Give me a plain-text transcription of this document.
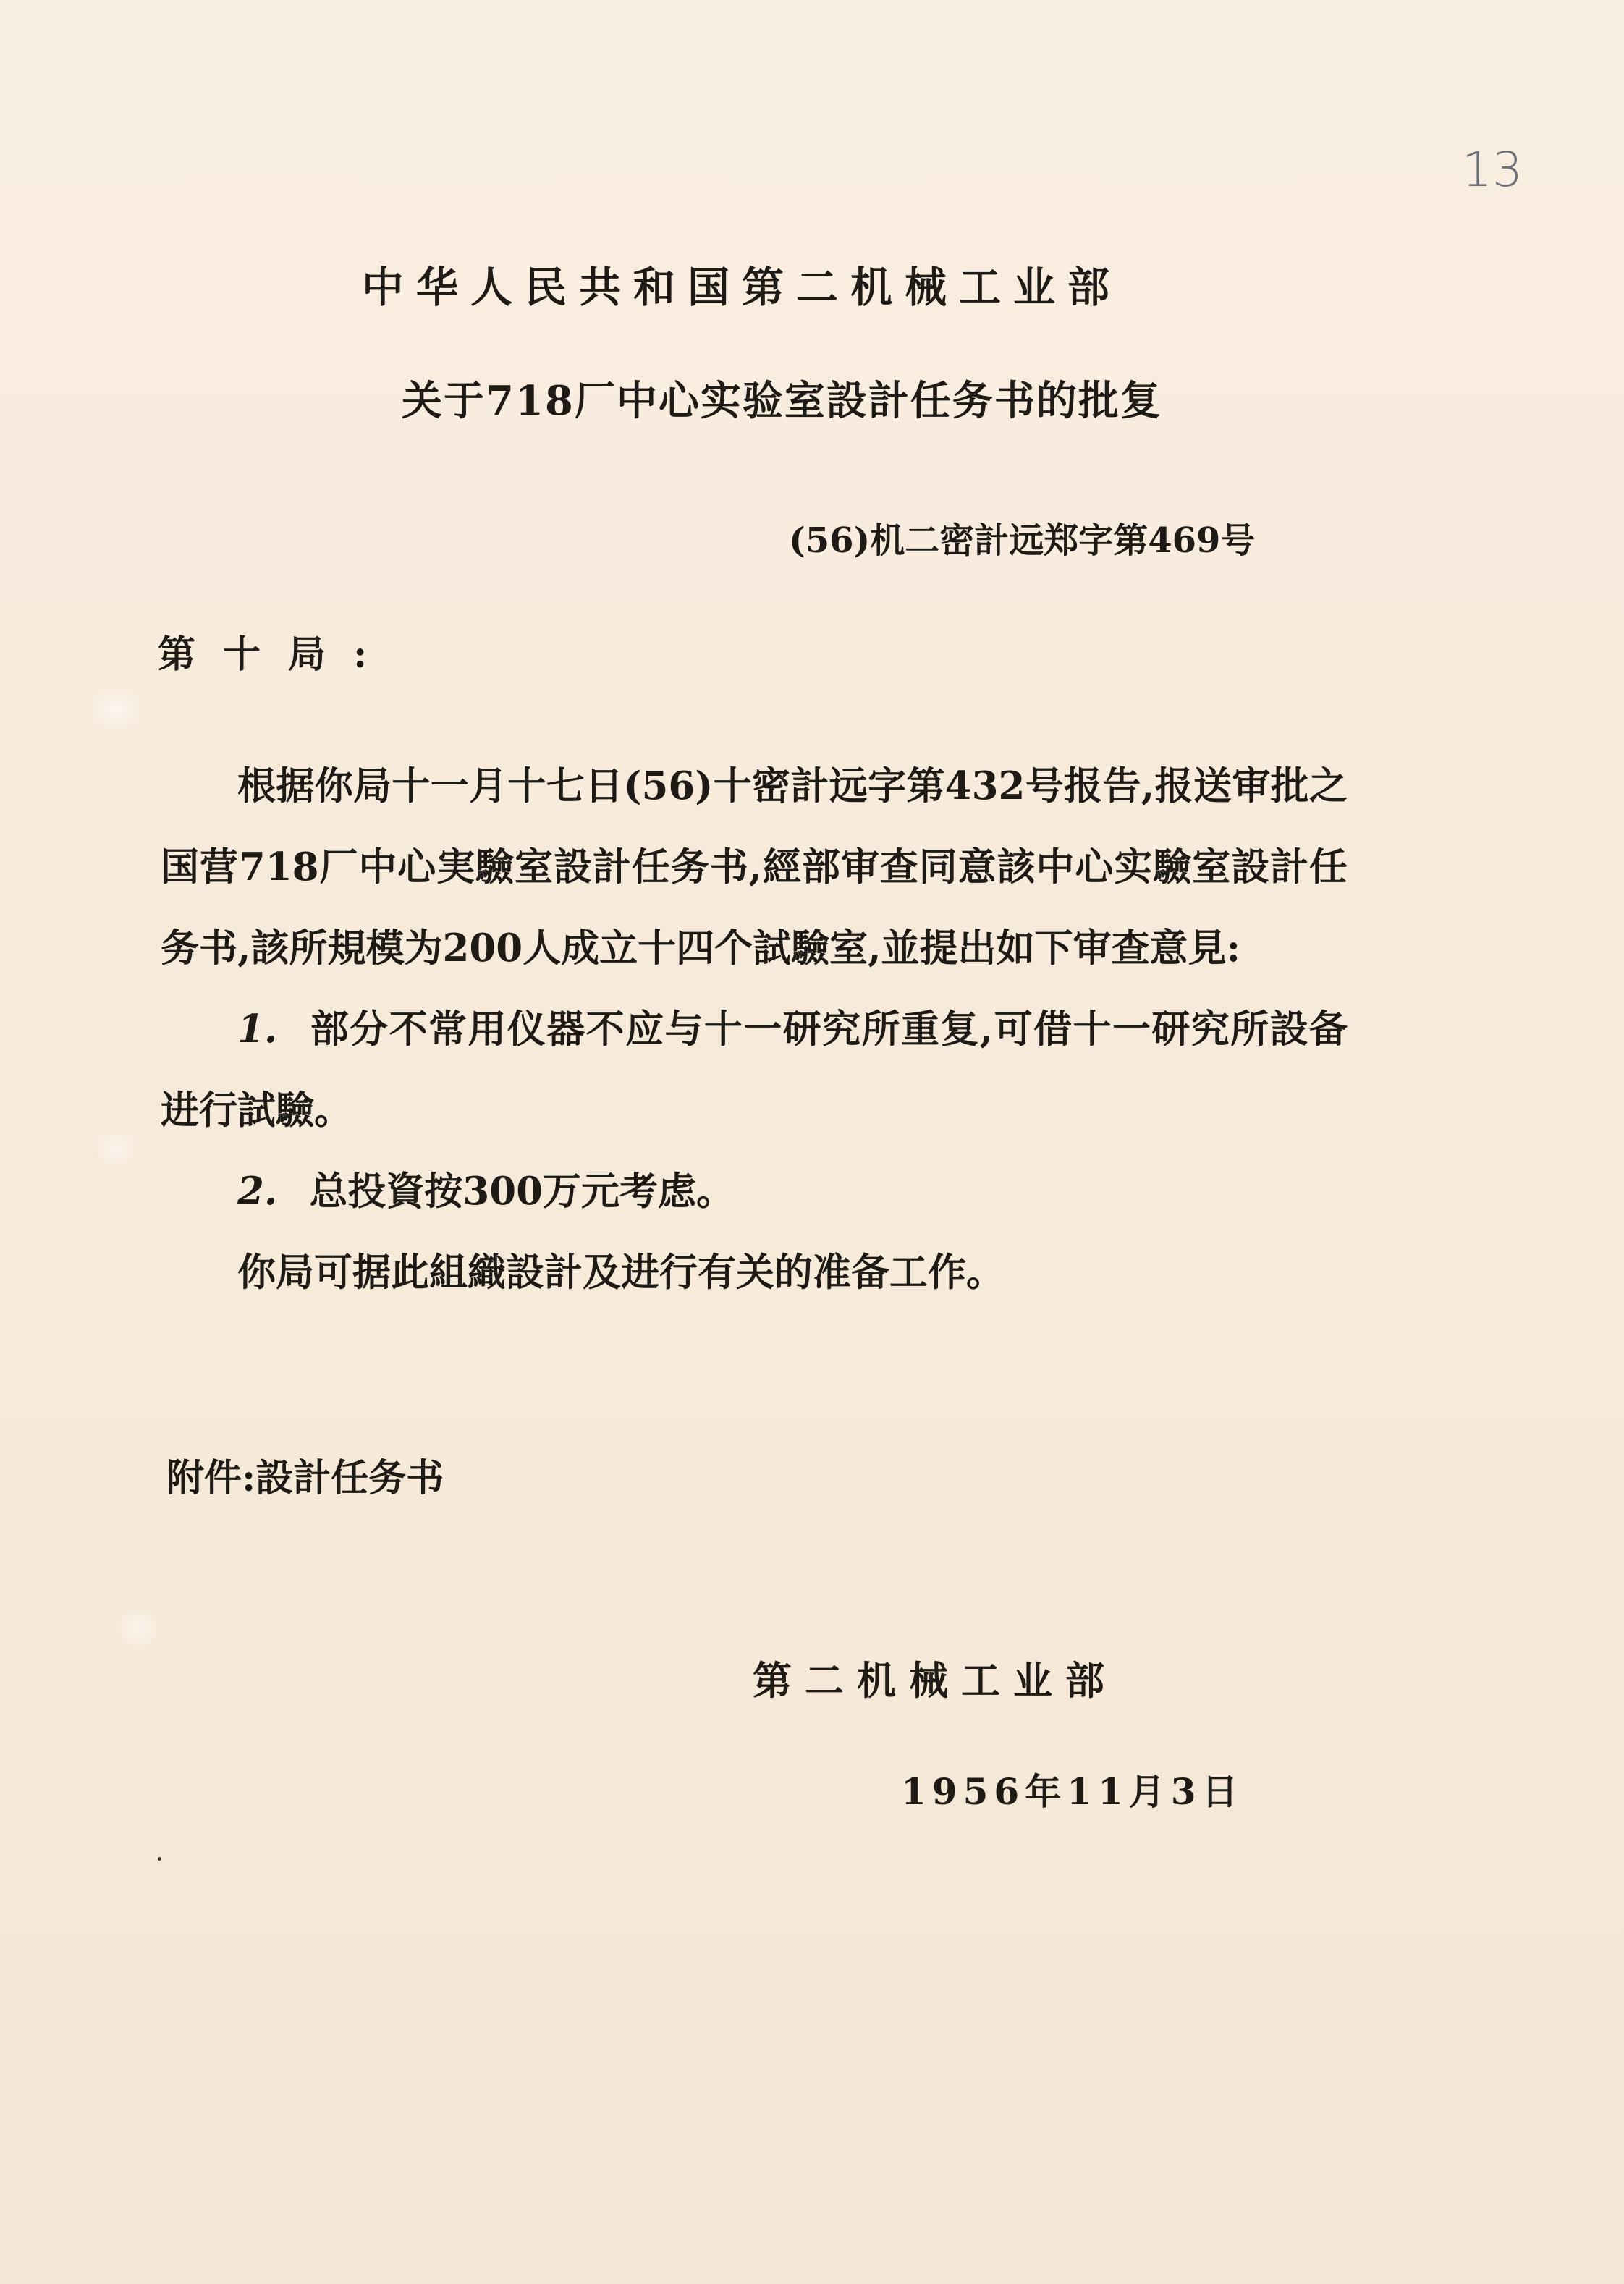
13
中华人民共和国第二机械工业部
关于718厂中心实验室設計任务书的批复
(56)机二密計远郑字第469号
第十局:

根据你局十一月十七日(56)十密計远字第432号报告,报送审批之国营718厂中心実驗室設計任务书,經部审查同意該中心实驗室設計任务书,該所規模为200人成立十四个試驗室,並提出如下审查意見:

1. 部分不常用仪器不应与十一研究所重复,可借十一研究所設备进行試驗。

2. 总投資按300万元考虑。

你局可据此組織設計及进行有关的准备工作。

附件:設計任务书
第二机械工业部
1956年11月3日
